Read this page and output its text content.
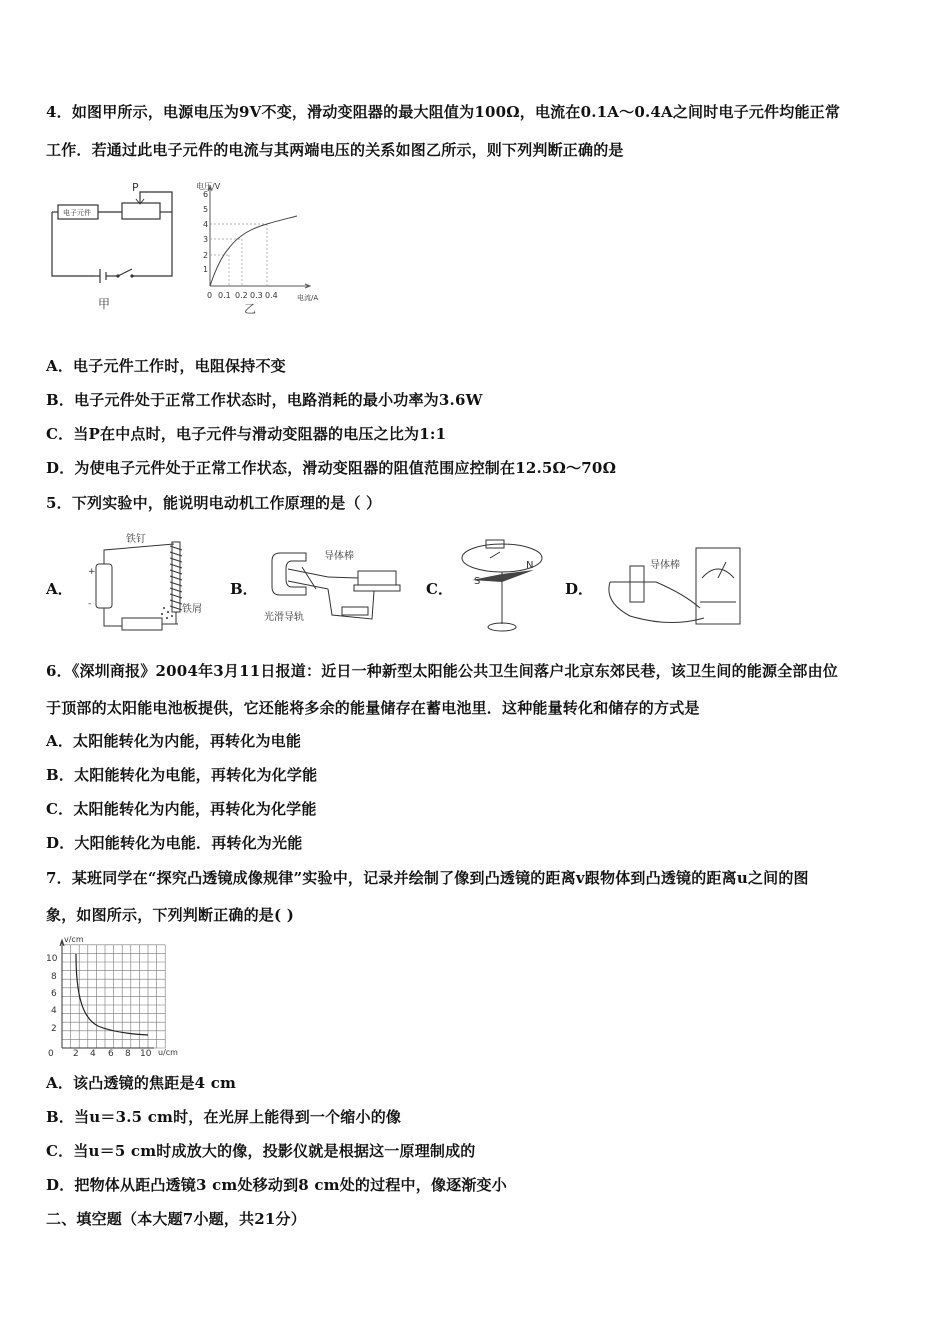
4．如图甲所示，电源电压为9V不变，滑动变阻器的最大阻值为100Ω，电流在0.1A～0.4A之间时电子元件均能正常
工作．若通过此电子元件的电流与其两端电压的关系如图乙所示，则下列判断正确的是
电子元件
P
甲
电压/V
电流/A
1
2
3
4
5
6
0 0.1 0.2 0.3 0.4
乙
A．电子元件工作时，电阻保持不变
B．电子元件处于正常工作状态时，电路消耗的最小功率为3.6W
C．当P在中点时，电子元件与滑动变阻器的电压之比为1:1
D．为使电子元件处于正常工作状态，滑动变阻器的阻值范围应控制在12.5Ω～70Ω
5．下列实验中，能说明电动机工作原理的是（ ）
A．	B．	C．	D．
铁钉
铁屑
+
-
导体棒
光滑导轨
S
N	导体棒
6．《深圳商报》2004年3月11日报道：近日一种新型太阳能公共卫生间落户北京东郊民巷，该卫生间的能源全部由位
于顶部的太阳能电池板提供，它还能将多余的能量储存在蓄电池里．这种能量转化和储存的方式是
A．太阳能转化为内能，再转化为电能
B．太阳能转化为电能，再转化为化学能
C．太阳能转化为内能，再转化为化学能
D．大阳能转化为电能．再转化为光能
7．某班同学在“探究凸透镜成像规律”实验中，记录并绘制了像到凸透镜的距离v跟物体到凸透镜的距离u之间的图
象，如图所示，下列判断正确的是( )
v/cm
u/cm
10
8
6
4
2
0 2 4 6 8 10
A．该凸透镜的焦距是4 cm
B．当u＝3.5 cm时，在光屏上能得到一个缩小的像
C．当u＝5 cm时成放大的像，投影仪就是根据这一原理制成的
D．把物体从距凸透镜3 cm处移动到8 cm处的过程中，像逐渐变小
二、填空题（本大题7小题，共21分）
